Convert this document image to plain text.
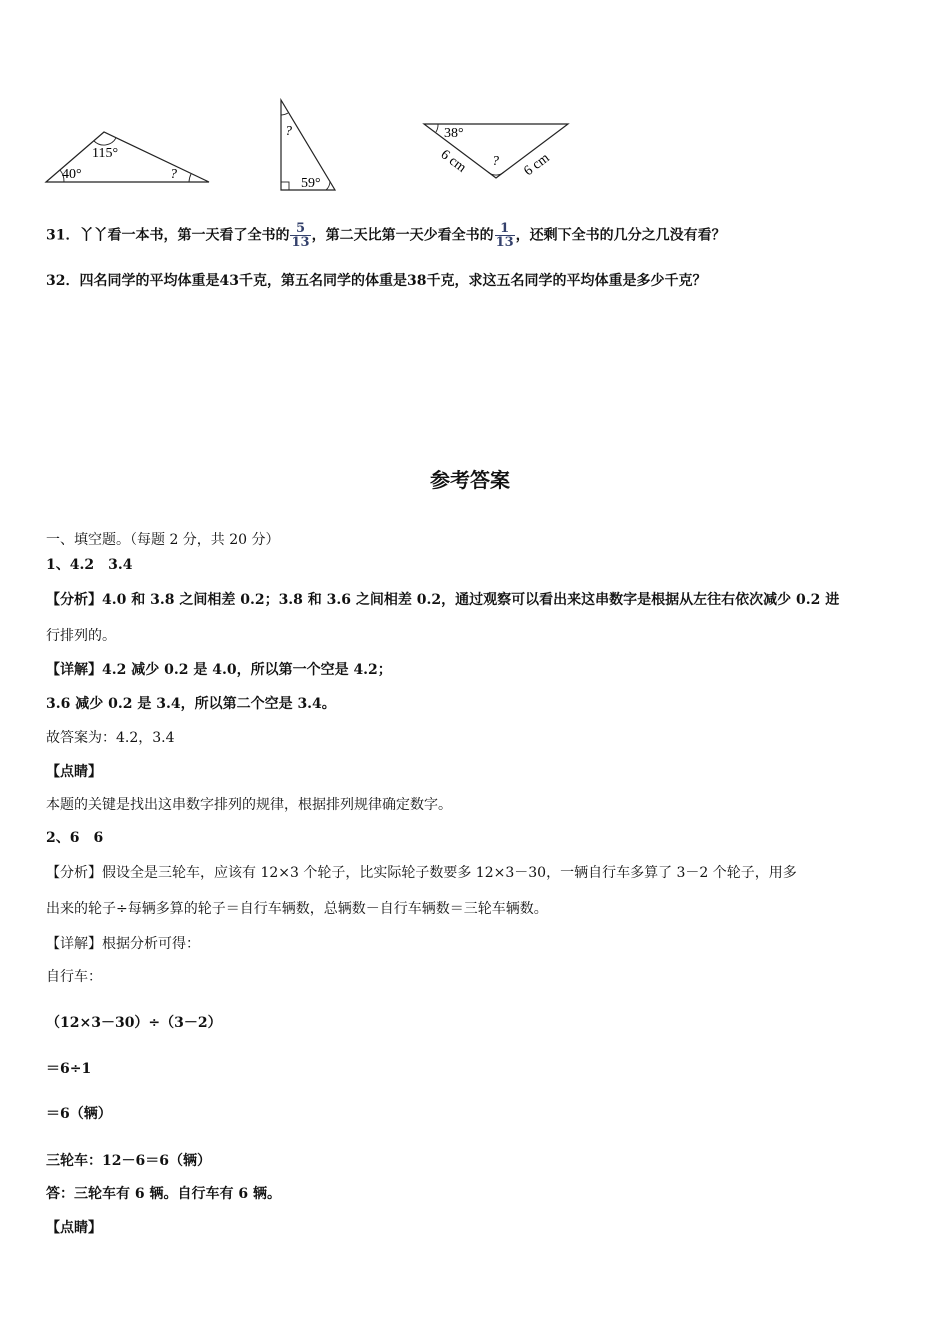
115°
40°	?
?
59°
38°
?
6 cm	6 cm
31．丫丫看一本书，第一天看了全书的 $\frac{5}{13}$ ，第二天比第一天少看全书的 $\frac{1}{13}$ ，还剩下全书的几分之几没有看？
32．四名同学的平均体重是43千克，第五名同学的体重是38千克，求这五名同学的平均体重是多少千克？
参考答案
一、填空题。（每题 2 分，共 20 分）
1、4.2　3.4
【分析】4.0 和 3.8 之间相差 0.2；3.8 和 3.6 之间相差 0.2，通过观察可以看出来这串数字是根据从左往右依次减少 0.2 进
行排列的。
【详解】4.2 减少 0.2 是 4.0，所以第一个空是 4.2；
3.6 减少 0.2 是 3.4，所以第二个空是 3.4。
故答案为：4.2，3.4
【点睛】
本题的关键是找出这串数字排列的规律，根据排列规律确定数字。
2、6　6
【分析】假设全是三轮车，应该有 12×3 个轮子，比实际轮子数要多 12×3－30，一辆自行车多算了 3－2 个轮子，用多
出来的轮子÷每辆多算的轮子＝自行车辆数，总辆数－自行车辆数＝三轮车辆数。
【详解】根据分析可得：
自行车：
（12×3－30）÷（3－2）
＝6÷1
＝6（辆）
三轮车：12－6＝6（辆）
答：三轮车有 6 辆。自行车有 6 辆。
【点睛】
